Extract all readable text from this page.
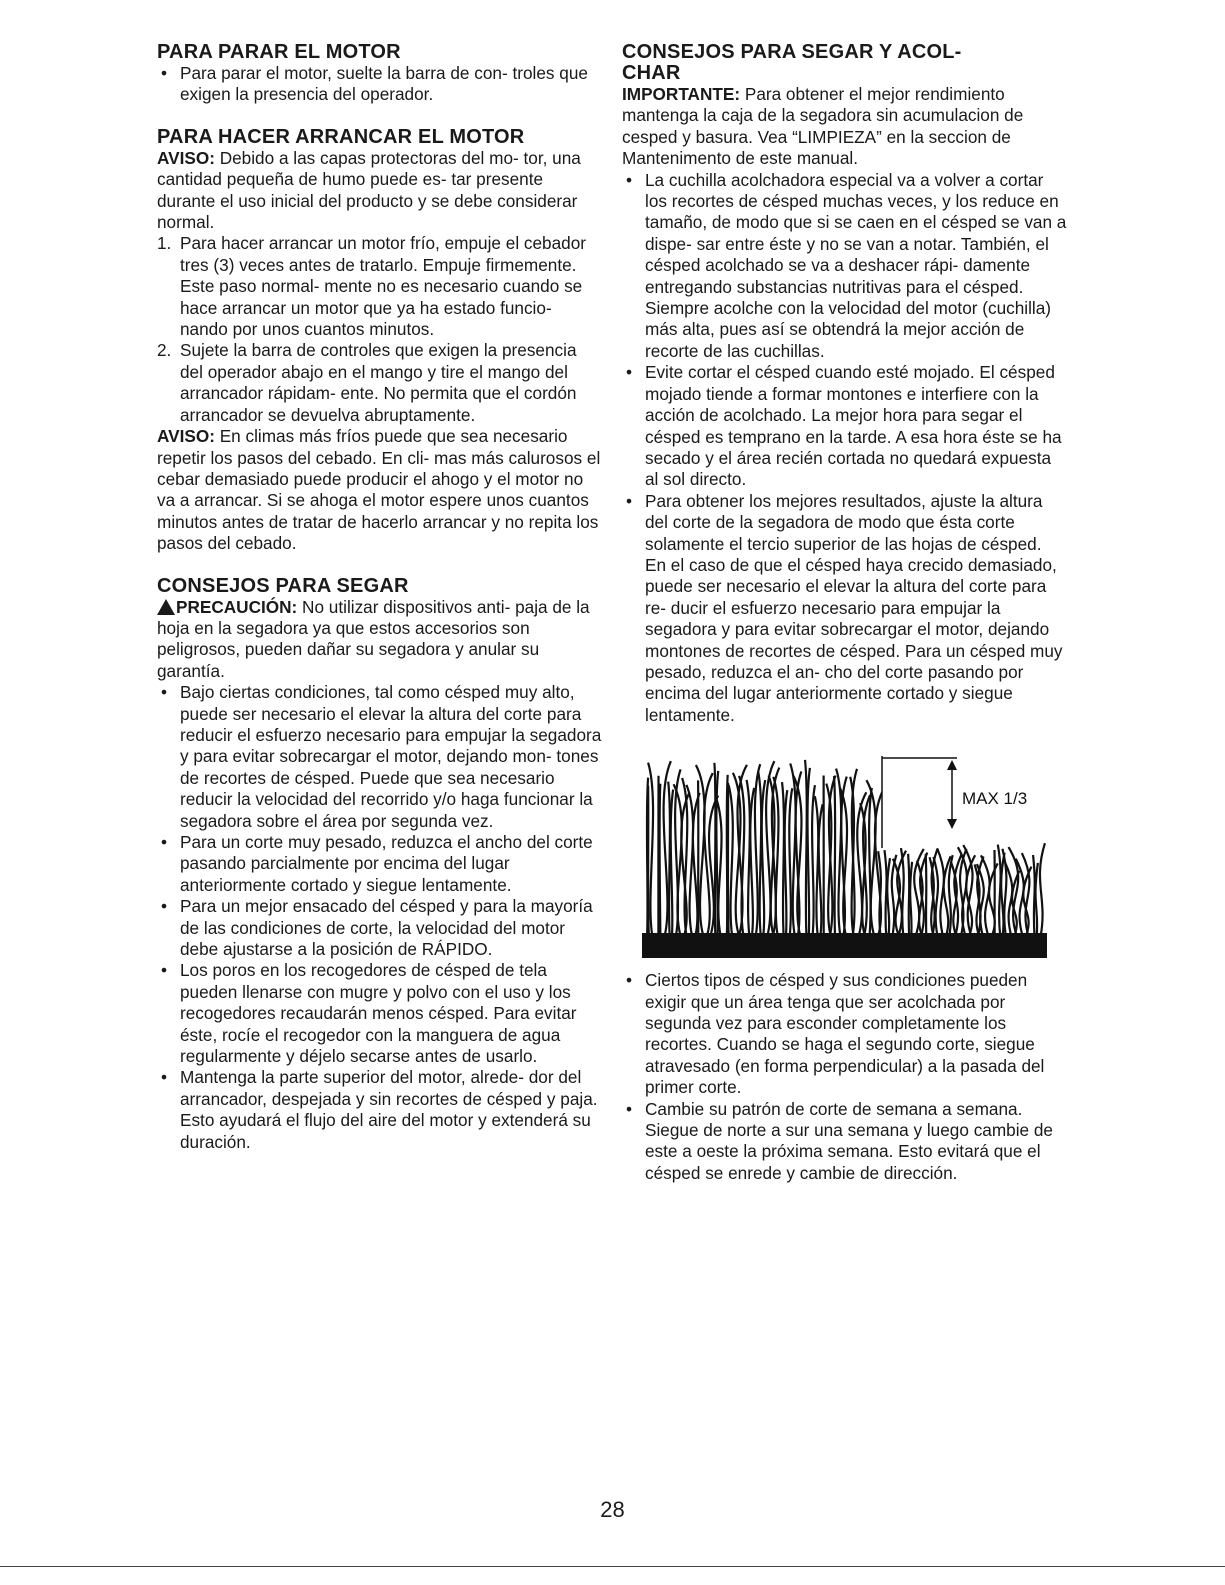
PARA PARAR EL MOTOR
• Para parar el motor, suelte la barra de con- troles que exigen la presencia del operador.
PARA HACER ARRANCAR EL MOTOR

AVISO: Debido a las capas protectoras del mo- tor, una cantidad pequeña de humo puede es- tar presente durante el uso inicial del producto y se debe considerar normal.

1. Para hacer arrancar un motor frío, empuje el cebador tres (3) veces antes de tratarlo. Empuje firmemente. Este paso normal- mente no es necesario cuando se hace arrancar un motor que ya ha estado funcio- nando por unos cuantos minutos.
2. Sujete la barra de controles que exigen la presencia del operador abajo en el mango y tire el mango del arrancador rápidam- ente. No permita que el cordón arrancador se devuelva abruptamente.

AVISO: En climas más fríos puede que sea necesario repetir los pasos del cebado. En cli- mas más calurosos el cebar demasiado puede producir el ahogo y el motor no va a arrancar. Si se ahoga el motor espere unos cuantos minutos antes de tratar de hacerlo arrancar y no repita los pasos del cebado.

CONSEJOS PARA SEGAR

PRECAUCIÓN: No utilizar dispositivos anti- paja de la hoja en la segadora ya que estos accesorios son peligrosos, pueden dañar su segadora y anular su garantía.

• Bajo ciertas condiciones, tal como césped muy alto, puede ser necesario el elevar la altura del corte para reducir el esfuerzo necesario para empujar la segadora y para evitar sobrecargar el motor, dejando mon- tones de recortes de césped. Puede que sea necesario reducir la velocidad del recorrido y/o haga funcionar la segadora sobre el área por segunda vez.
• Para un corte muy pesado, reduzca el ancho del corte pasando parcialmente por encima del lugar anteriormente cortado y siegue lentamente.
• Para un mejor ensacado del césped y para la mayoría de las condiciones de corte, la velocidad del motor debe ajustarse a la posición de RÁPIDO.
• Los poros en los recogedores de césped de tela pueden llenarse con mugre y polvo con el uso y los recogedores recaudarán menos césped. Para evitar éste, rocíe el recogedor con la manguera de agua regularmente y déjelo secarse antes de usarlo.
• Mantenga la parte superior del motor, alrede- dor del arrancador, despejada y sin recortes de césped y paja. Esto ayudará el flujo del aire del motor y extenderá su duración.
CONSEJOS PARA SEGAR Y ACOL- CHAR

IMPORTANTE: Para obtener el mejor rendimiento mantenga la caja de la segadora sin acumulacion de cesped y basura. Vea “LIMPIEZA” en la seccion de Mantenimento de este manual.

• La cuchilla acolchadora especial va a volver a cortar los recortes de césped muchas veces, y los reduce en tamaño, de modo que si se caen en el césped se van a dispe- sar entre éste y no se van a notar. También, el césped acolchado se va a deshacer rápi- damente entregando substancias nutritivas para el césped. Siempre acolche con la velocidad del motor (cuchilla) más alta, pues así se obtendrá la mejor acción de recorte de las cuchillas.
• Evite cortar el césped cuando esté mojado. El césped mojado tiende a formar montones e interfiere con la acción de acolchado. La mejor hora para segar el césped es temprano en la tarde. A esa hora éste se ha secado y el área recién cortada no quedará expuesta al sol directo.
• Para obtener los mejores resultados, ajuste la altura del corte de la segadora de modo que ésta corte solamente el tercio superior de las hojas de césped. En el caso de que el césped haya crecido demasiado, puede ser necesario el elevar la altura del corte para re- ducir el esfuerzo necesario para empujar la segadora y para evitar sobrecargar el motor, dejando montones de recortes de césped. Para un césped muy pesado, reduzca el an- cho del corte pasando por encima del lugar anteriormente cortado y siegue lentamente.
MAX 1/3
• Ciertos tipos de césped y sus condiciones pueden exigir que un área tenga que ser acolchada por segunda vez para esconder completamente los recortes. Cuando se haga el segundo corte, siegue atravesado (en forma perpendicular) a la pasada del primer corte.
• Cambie su patrón de corte de semana a semana. Siegue de norte a sur una semana y luego cambie de este a oeste la próxima semana. Esto evitará que el césped se enrede y cambie de dirección.
28
